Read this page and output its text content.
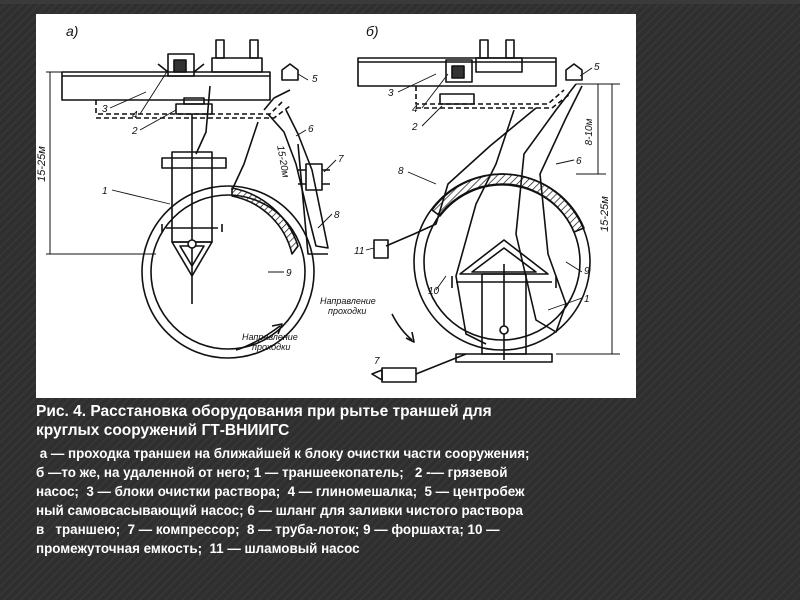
а)
Направление
проходки
15-25м	15-20м
1
2
3
4
5
6
7
8
9
б)
Направление
проходки
8-10м
15-25м
1
2
3
4
5
6
7
8
9
10
11

Рис. 4. Расстановка оборудования при рытье траншей для
круглых сооружений ГТ-ВНИИГС

а — проходка траншеи на ближайшей к блоку очистки части сооружения;
б —то же, на удаленной от него; 1 — траншеекопатель;   2 -— грязевой
насос;  3 — блоки очистки раствора;  4 — глиномешалка;  5 — центробеж
ный самовсасывающий насос; 6 — шланг для заливки чистого раствора
в   траншею;  7 — компрессор;  8 — труба-лоток; 9 — форшахта; 10 —
промежуточная емкость;  11 — шламовый насос
